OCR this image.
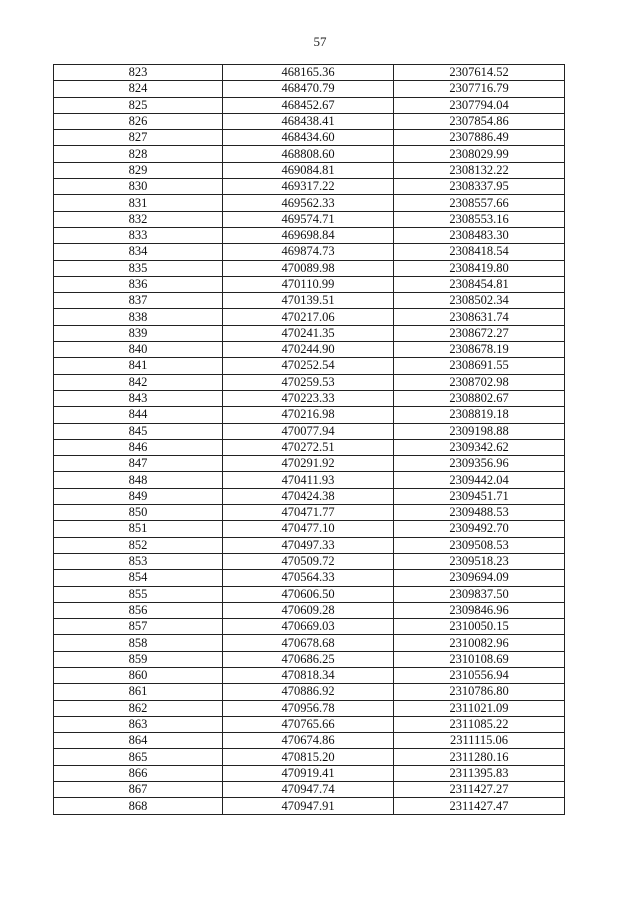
57
823	468165.36	2307614.52
824	468470.79	2307716.79
825	468452.67	2307794.04
826	468438.41	2307854.86
827	468434.60	2307886.49
828	468808.60	2308029.99
829	469084.81	2308132.22
830	469317.22	2308337.95
831	469562.33	2308557.66
832	469574.71	2308553.16
833	469698.84	2308483.30
834	469874.73	2308418.54
835	470089.98	2308419.80
836	470110.99	2308454.81
837	470139.51	2308502.34
838	470217.06	2308631.74
839	470241.35	2308672.27
840	470244.90	2308678.19
841	470252.54	2308691.55
842	470259.53	2308702.98
843	470223.33	2308802.67
844	470216.98	2308819.18
845	470077.94	2309198.88
846	470272.51	2309342.62
847	470291.92	2309356.96
848	470411.93	2309442.04
849	470424.38	2309451.71
850	470471.77	2309488.53
851	470477.10	2309492.70
852	470497.33	2309508.53
853	470509.72	2309518.23
854	470564.33	2309694.09
855	470606.50	2309837.50
856	470609.28	2309846.96
857	470669.03	2310050.15
858	470678.68	2310082.96
859	470686.25	2310108.69
860	470818.34	2310556.94
861	470886.92	2310786.80
862	470956.78	2311021.09
863	470765.66	2311085.22
864	470674.86	2311115.06
865	470815.20	2311280.16
866	470919.41	2311395.83
867	470947.74	2311427.27
868	470947.91	2311427.47
